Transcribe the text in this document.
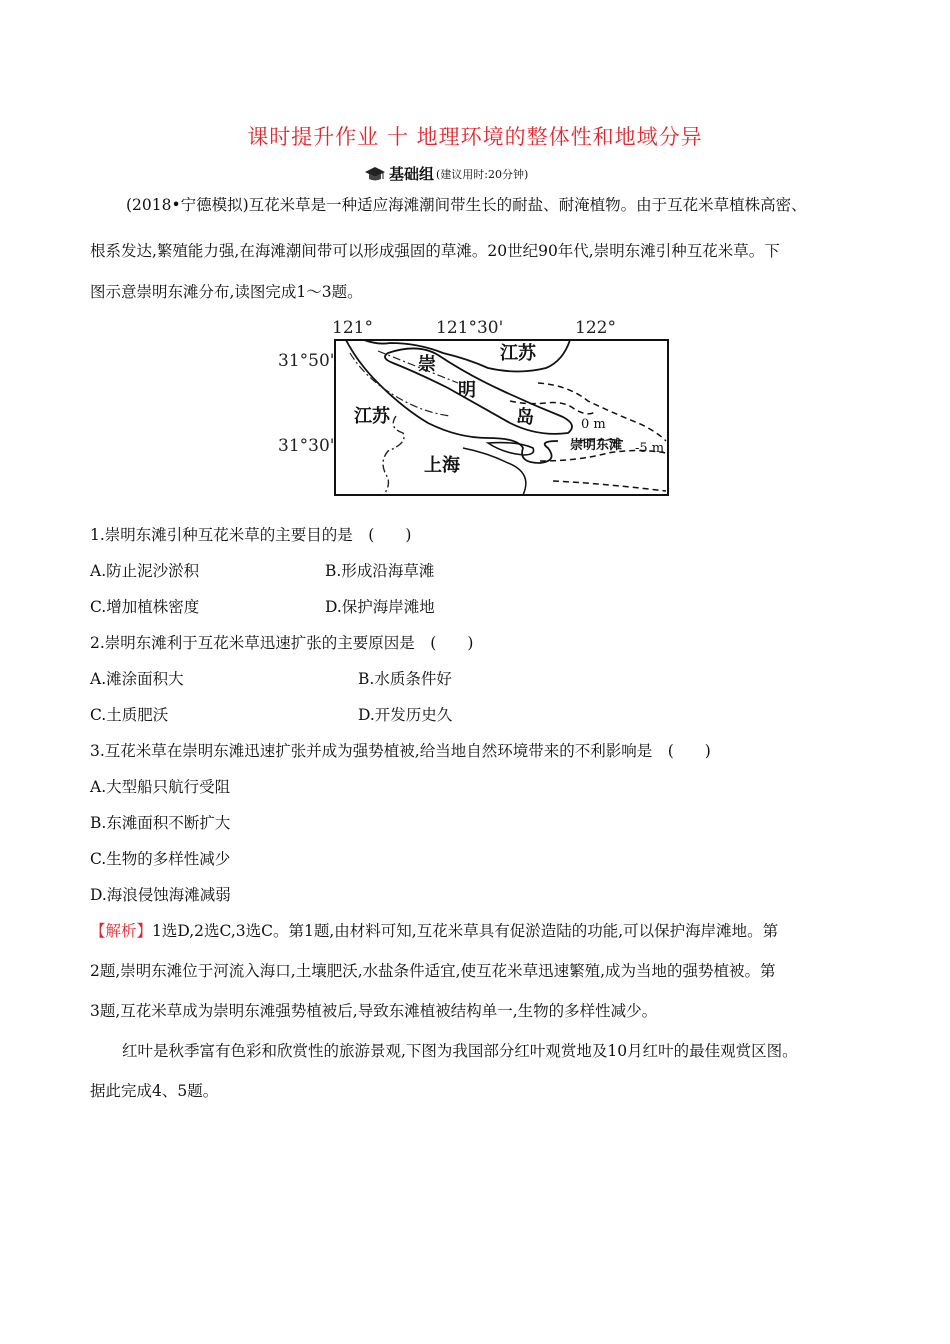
课时提升作业 十 地理环境的整体性和地域分异
基础组 (建议用时:20分钟)
(2018•宁德模拟)互花米草是一种适应海滩潮间带生长的耐盐、耐淹植物。由于互花米草植株高密、
根系发达,繁殖能力强,在海滩潮间带可以形成强固的草滩。20世纪90年代,崇明东滩引种互花米草。下
图示意崇明东滩分布,读图完成1～3题。
121°	121°30'	122°
31°50'
31°30'
崇
明
岛
江苏
江苏
上海
崇明东滩
0 m
-5 m
1.崇明东滩引种互花米草的主要目的是　(　　)
A.防止泥沙淤积	B.形成沿海草滩
C.增加植株密度	D.保护海岸滩地
2.崇明东滩利于互花米草迅速扩张的主要原因是　(　　)
A.滩涂面积大	B.水质条件好
C.土质肥沃	D.开发历史久
3.互花米草在崇明东滩迅速扩张并成为强势植被,给当地自然环境带来的不利影响是　(　　)
A.大型船只航行受阻
B.东滩面积不断扩大
C.生物的多样性减少
D.海浪侵蚀海滩减弱
【解析】1选D,2选C,3选C。第1题,由材料可知,互花米草具有促淤造陆的功能,可以保护海岸滩地。第
2题,崇明东滩位于河流入海口,土壤肥沃,水盐条件适宜,使互花米草迅速繁殖,成为当地的强势植被。第
3题,互花米草成为崇明东滩强势植被后,导致东滩植被结构单一,生物的多样性减少。
红叶是秋季富有色彩和欣赏性的旅游景观,下图为我国部分红叶观赏地及10月红叶的最佳观赏区图。
据此完成4、5题。
